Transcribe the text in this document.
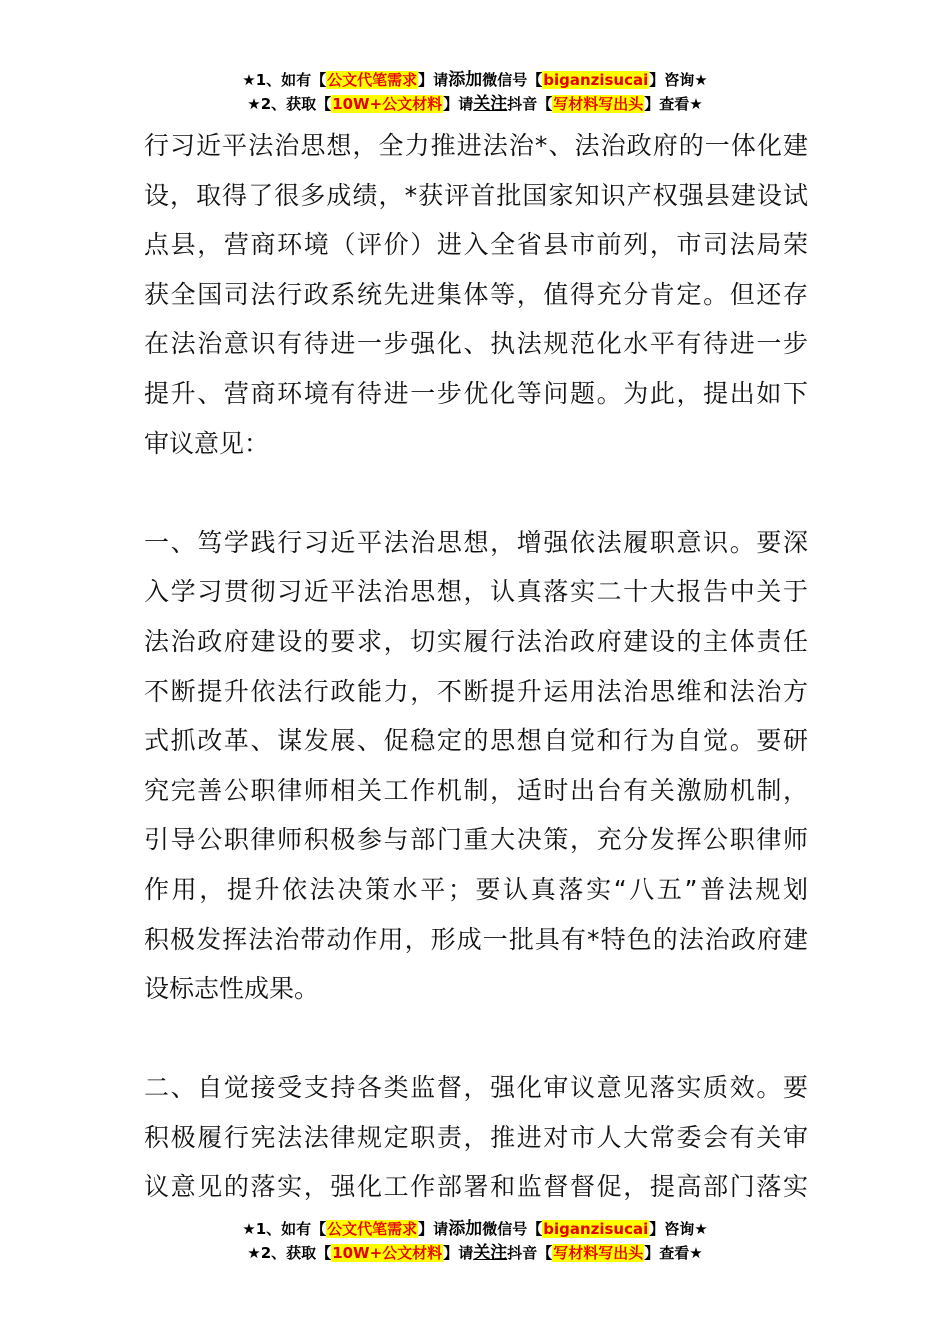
★1、如有【公文代笔需求】请添加微信号【biganzisucai】咨询★
★2、获取【10W+公文材料】请关注抖音【写材料写出头】查看★
行习近平法治思想，全力推进法治*、法治政府的一体化建
设，取得了很多成绩，*获评首批国家知识产权强县建设试
点县，营商环境（评价）进入全省县市前列，市司法局荣
获全国司法行政系统先进集体等，值得充分肯定。但还存
在法治意识有待进一步强化、执法规范化水平有待进一步
提升、营商环境有待进一步优化等问题。为此，提出如下
审议意见：
一、笃学践行习近平法治思想，增强依法履职意识。要深
入学习贯彻习近平法治思想，认真落实二十大报告中关于
法治政府建设的要求，切实履行法治政府建设的主体责任
不断提升依法行政能力，不断提升运用法治思维和法治方
式抓改革、谋发展、促稳定的思想自觉和行为自觉。要研
究完善公职律师相关工作机制，适时出台有关激励机制，
引导公职律师积极参与部门重大决策，充分发挥公职律师
作用，提升依法决策水平；要认真落实“八五”普法规划
积极发挥法治带动作用，形成一批具有*特色的法治政府建
设标志性成果。
二、自觉接受支持各类监督，强化审议意见落实质效。要
积极履行宪法法律规定职责，推进对市人大常委会有关审
议意见的落实，强化工作部署和监督督促，提高部门落实
★1、如有【公文代笔需求】请添加微信号【biganzisucai】咨询★
★2、获取【10W+公文材料】请关注抖音【写材料写出头】查看★
